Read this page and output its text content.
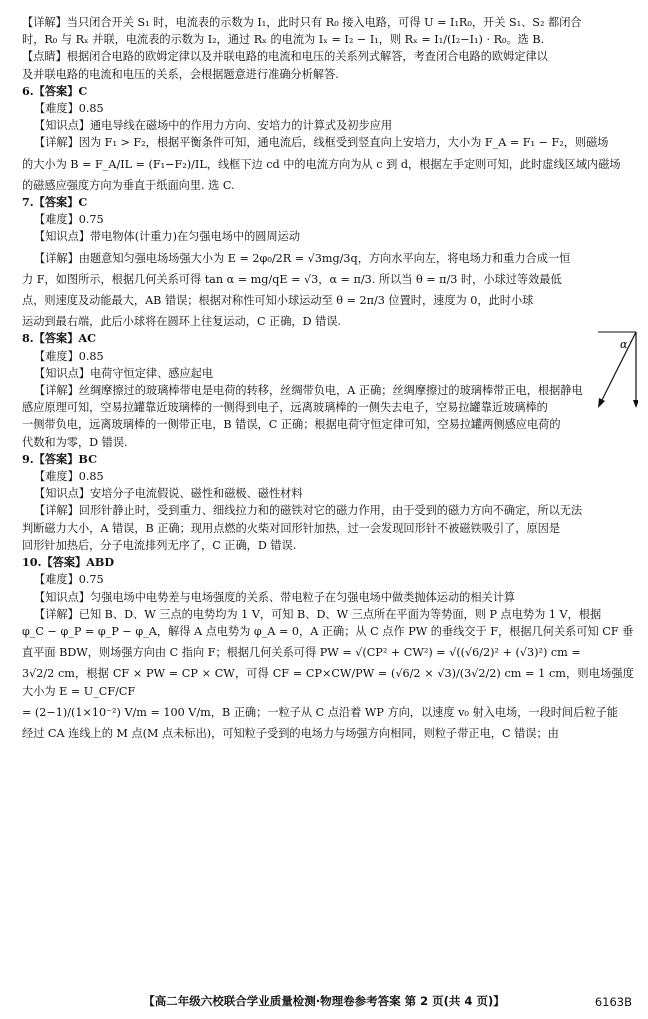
【详解】当只闭合开关 S₁ 时，电流表的示数为 I₁，此时只有 R₀ 接入电路，可得 U = I₁R₀，开关 S₁、S₂ 都闭合

时，R₀ 与 Rₓ 并联，电流表的示数为 I₂，通过 Rₓ 的电流为 Iₓ = I₂ − I₁，则 Rₓ = I₁/(I₂−I₁) · R₀。选 B.

【点睛】根据闭合电路的欧姆定律以及并联电路的电流和电压的关系列式解答，考查闭合电路的欧姆定律以

及并联电路的电流和电压的关系，会根据题意进行准确分析解答.

6.【答案】C

【难度】0.85

【知识点】通电导线在磁场中的作用力方向、安培力的计算式及初步应用

【详解】因为 F₁ > F₂，根据平衡条件可知，通电流后，线框受到竖直向上安培力，大小为 F_A = F₁ − F₂，则磁场

的大小为 B = F_A/IL = (F₁−F₂)/IL，线框下边 cd 中的电流方向为从 c 到 d，根据左手定则可知，此时虚线区域内磁场

的磁感应强度方向为垂直于纸面向里. 选 C.

7.【答案】C

【难度】0.75

【知识点】带电物体(计重力)在匀强电场中的圆周运动

【详解】由题意知匀强电场场强大小为 E = 2φ₀/2R = √3mg/3q，方向水平向左，将电场力和重力合成一恒

力 F，如图所示，根据几何关系可得 tan α = mg/qE = √3，α = π/3. 所以当 θ = π/3 时，小球过等效最低

点，则速度及动能最大，AB 错误；根据对称性可知小球运动至 θ = 2π/3 位置时，速度为 0，此时小球

运动到最右端，此后小球将在圆环上往复运动，C 正确，D 错误.

8.【答案】AC

【难度】0.85

【知识点】电荷守恒定律、感应起电

【详解】丝绸摩擦过的玻璃棒带电是电荷的转移，丝绸带负电，A 正确；丝绸摩擦过的玻璃棒带正电，根据静电

感应原理可知，空易拉罐靠近玻璃棒的一侧得到电子，远离玻璃棒的一侧失去电子，空易拉罐靠近玻璃棒的

一侧带负电，远离玻璃棒的一侧带正电，B 错误，C 正确；根据电荷守恒定律可知，空易拉罐两侧感应电荷的

代数和为零，D 错误.

9.【答案】BC

【难度】0.85

【知识点】安培分子电流假说、磁性和磁极、磁性材料

【详解】回形针静止时，受到重力、细线拉力和的磁铁对它的磁力作用，由于受到的磁力方向不确定，所以无法

判断磁力大小，A 错误，B 正确；现用点燃的火柴对回形针加热，过一会发现回形针不被磁铁吸引了，原因是

回形针加热后，分子电流排列无序了，C 正确，D 错误.

10.【答案】ABD

【难度】0.75

【知识点】匀强电场中电势差与电场强度的关系、带电粒子在匀强电场中做类抛体运动的相关计算

【详解】已知 B、D、W 三点的电势均为 1 V，可知 B、D、W 三点所在平面为等势面，则 P 点电势为 1 V，根据

φ_C − φ_P = φ_P − φ_A，解得 A 点电势为 φ_A = 0，A 正确；从 C 点作 PW 的垂线交于 F，根据几何关系可知 CF 垂

直平面 BDW，则场强方向由 C 指向 F；根据几何关系可得 PW = √(CP² + CW²) = √((√6/2)² + (√3)²) cm =

3√2/2 cm，根据 CF × PW = CP × CW，可得 CF = CP×CW/PW = (√6/2 × √3)/(3√2/2) cm = 1 cm，则电场强度大小为 E = U_CF/CF

= (2−1)/(1×10⁻²) V/m = 100 V/m，B 正确；一粒子从 C 点沿着 WP 方向，以速度 v₀ 射入电场，一段时间后粒子能

经过 CA 连线上的 M 点(M 点未标出)，可知粒子受到的电场力与场强方向相同，则粒子带正电，C 错误；由

α
【高二年级六校联合学业质量检测·物理卷参考答案 第 2 页(共 4 页)】	6163B
